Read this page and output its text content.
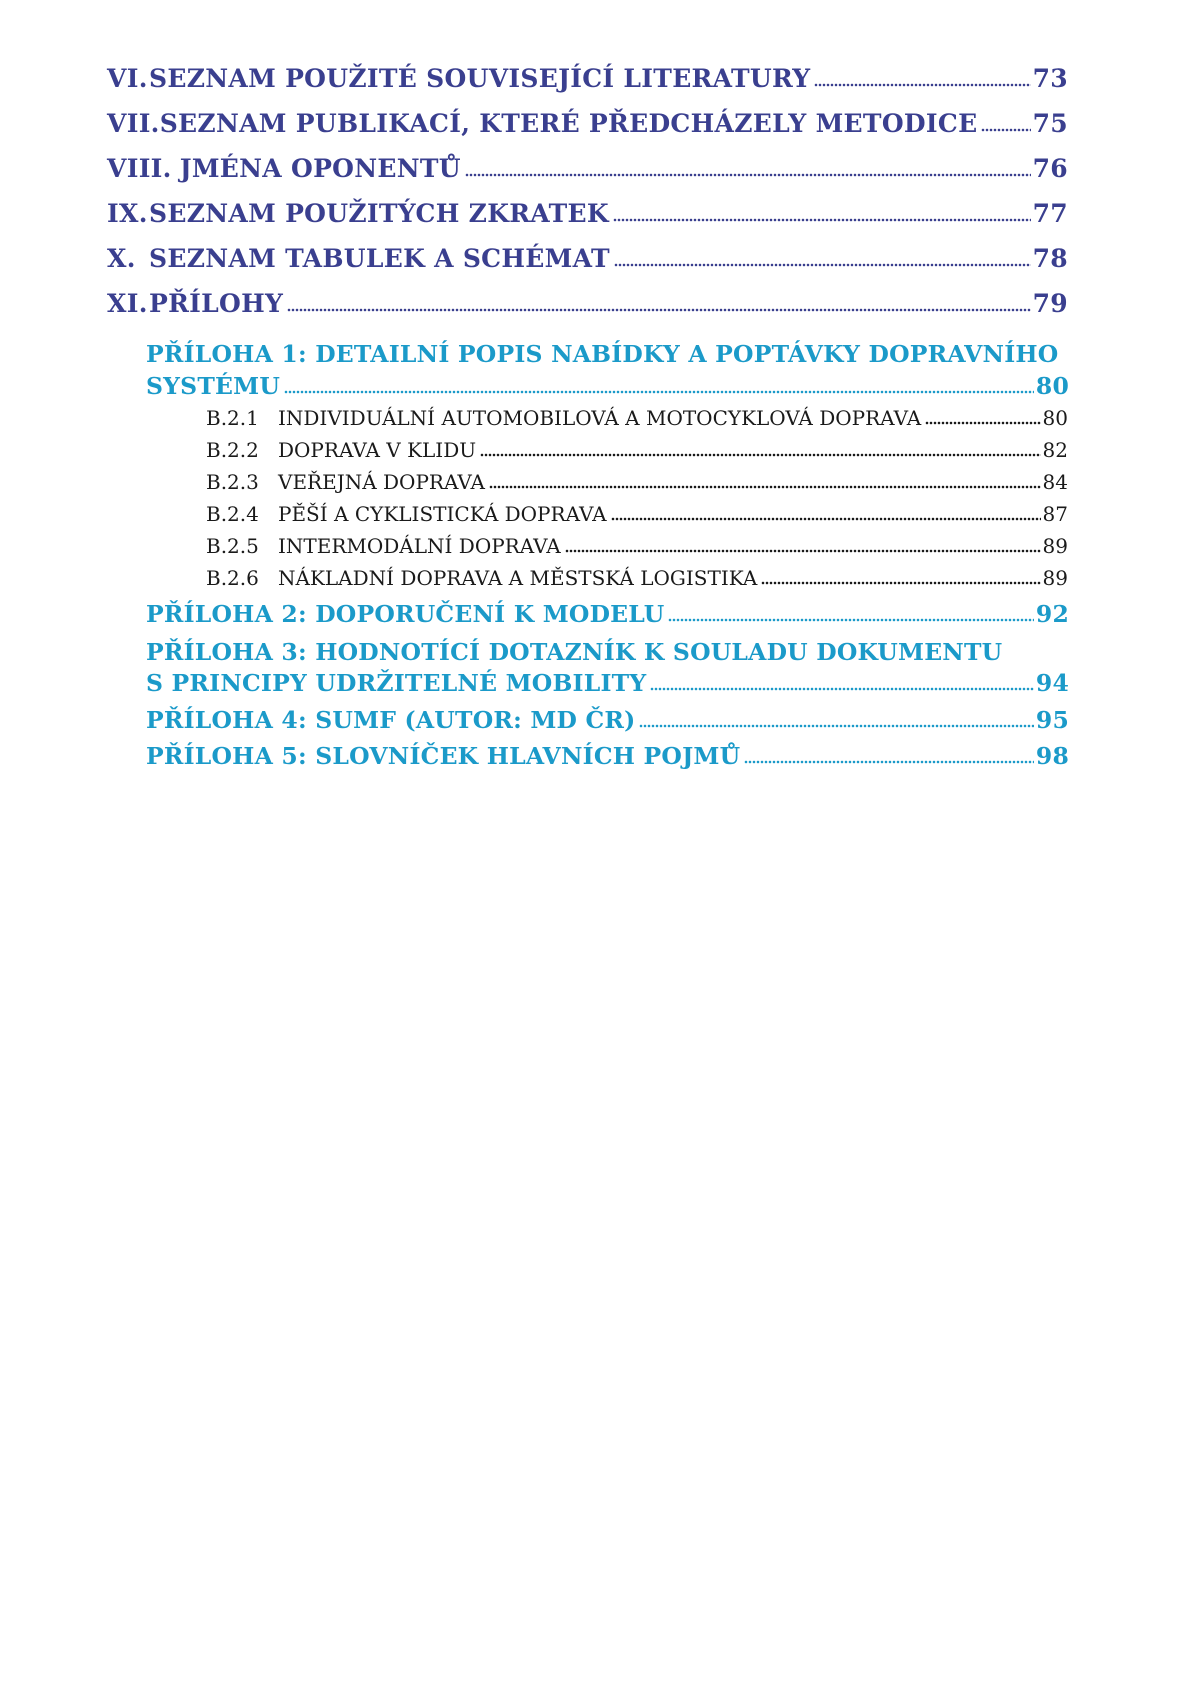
VI. SEZNAM POUŽITÉ SOUVISEJÍCÍ LITERATURY	73
VII. SEZNAM PUBLIKACÍ, KTERÉ PŘEDCHÁZELY METODICE 75
VIII. JMÉNA OPONENTŮ	76
IX. SEZNAM POUŽITÝCH ZKRATEK	77
X. SEZNAM TABULEK A SCHÉMAT	78
XI. PŘÍLOHY	79
PŘÍLOHA 1: DETAILNÍ POPIS NABÍDKY A POPTÁVKY DOPRAVNÍHO
SYSTÉMU	80
B.2.1 INDIVIDUÁLNÍ AUTOMOBILOVÁ A MOTOCYKLOVÁ DOPRAVA	80
B.2.2 DOPRAVA V KLIDU	82
B.2.3 VEŘEJNÁ DOPRAVA	84
B.2.4 PĚŠÍ A CYKLISTICKÁ DOPRAVA	87
B.2.5 INTERMODÁLNÍ DOPRAVA	89
B.2.6 NÁKLADNÍ DOPRAVA A MĚSTSKÁ LOGISTIKA	89
PŘÍLOHA 2: DOPORUČENÍ K MODELU	92
PŘÍLOHA 3: HODNOTÍCÍ DOTAZNÍK K SOULADU DOKUMENTU
S PRINCIPY UDRŽITELNÉ MOBILITY	94
PŘÍLOHA 4: SUMF (AUTOR: MD ČR)	95
PŘÍLOHA 5: SLOVNÍČEK HLAVNÍCH POJMŮ	98
